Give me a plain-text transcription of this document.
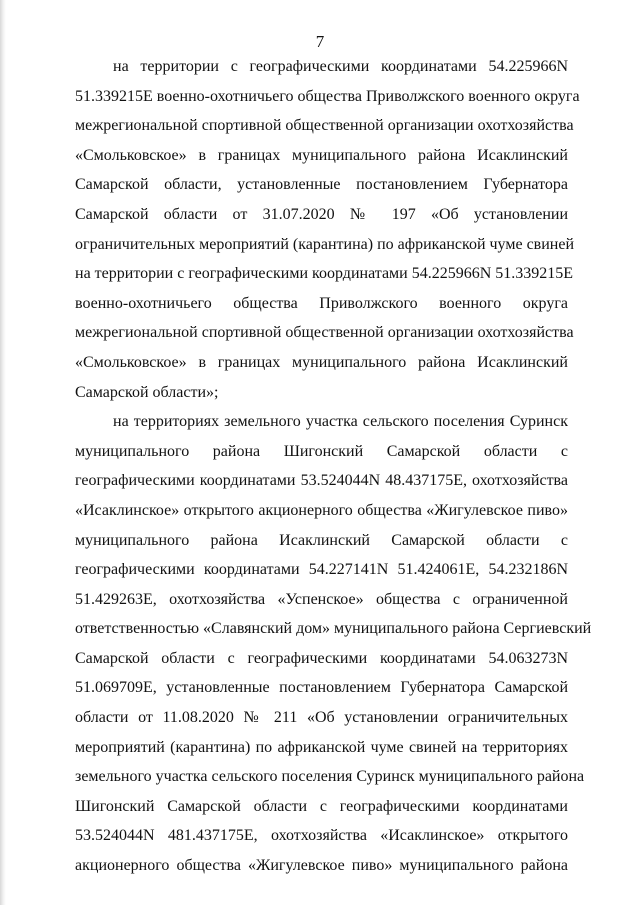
7
на территории с географическими координатами 54.225966N
51.339215E военно-охотничьего общества Приволжского военного округа
межрегиональной спортивной общественной организации охотхозяйства
«Смольковское» в границах муниципального района Исаклинский
Самарской области, установленные постановлением Губернатора
Самарской области от 31.07.2020 № 197 «Об установлении
ограничительных мероприятий (карантина) по африканской чуме свиней
на территории с географическими координатами 54.225966N 51.339215E
военно-охотничьего общества Приволжского военного округа
межрегиональной спортивной общественной организации охотхозяйства
«Смольковское» в границах муниципального района Исаклинский
Самарской области»;
на территориях земельного участка сельского поселения Суринск
муниципального района Шигонский Самарской области с
географическими координатами 53.524044N 48.437175E, охотхозяйства
«Исаклинское» открытого акционерного общества «Жигулевское пиво»
муниципального района Исаклинский Самарской области с
географическими координатами 54.227141N 51.424061E, 54.232186N
51.429263E, охотхозяйства «Успенское» общества с ограниченной
ответственностью «Славянский дом» муниципального района Сергиевский
Самарской области с географическими координатами 54.063273N
51.069709E, установленные постановлением Губернатора Самарской
области от 11.08.2020 № 211 «Об установлении ограничительных
мероприятий (карантина) по африканской чуме свиней на территориях
земельного участка сельского поселения Суринск муниципального района
Шигонский Самарской области с географическими координатами
53.524044N 481.437175E, охотхозяйства «Исаклинское» открытого
акционерного общества «Жигулевское пиво» муниципального района
